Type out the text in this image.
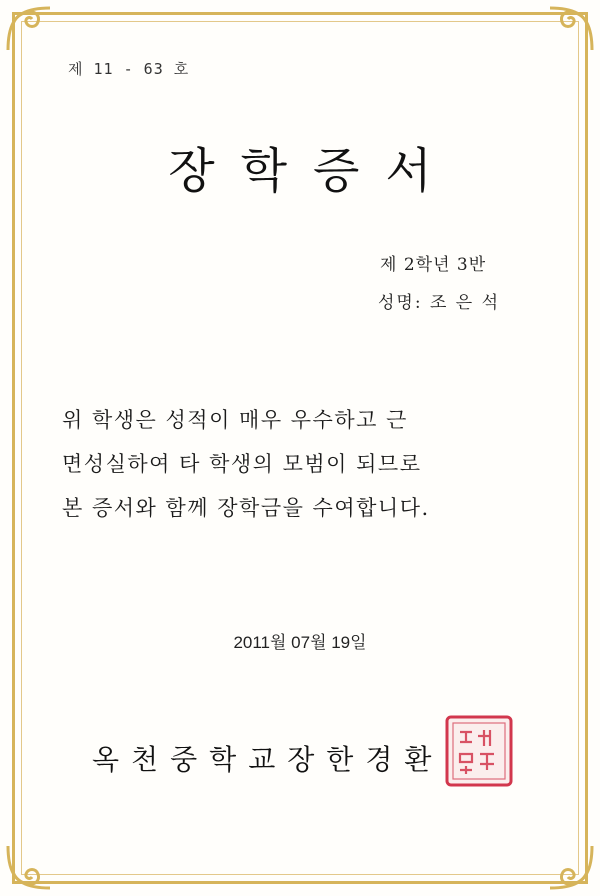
제 11 - 63 호
장학증서
제 2학년 3반
성명: 조 은 석
위 학생은 성적이 매우 우수하고 근
면성실하여 타 학생의 모범이 되므로
본 증서와 함께 장학금을 수여합니다.
2011월 07월 19일
옥천중학교장한경환
